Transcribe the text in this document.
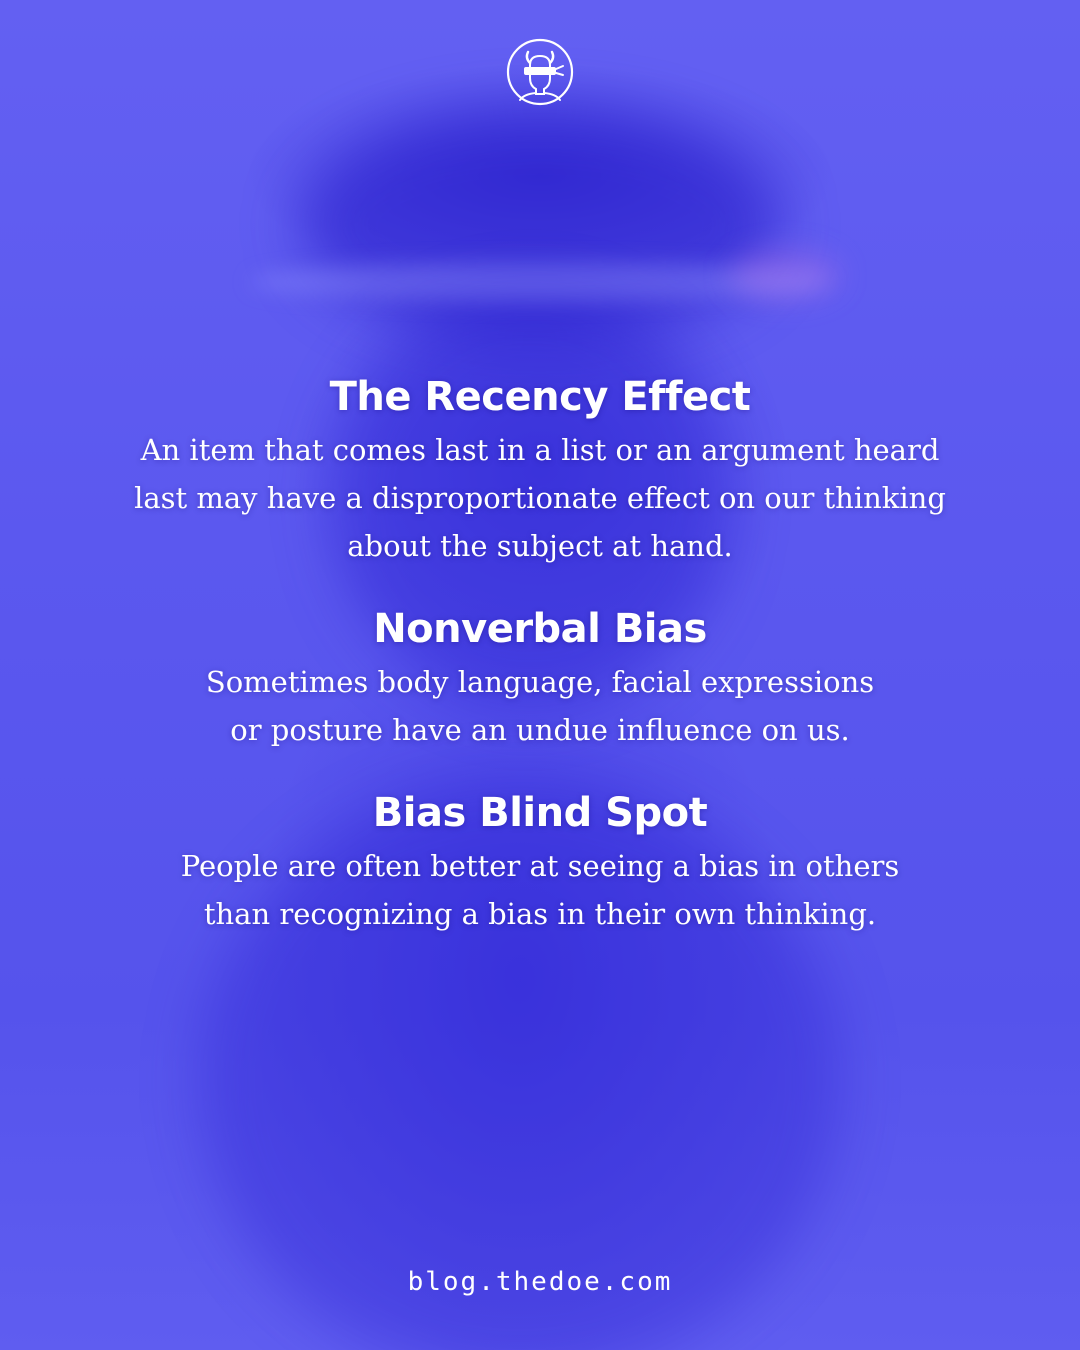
The Recency Effect

An item that comes last in a list or an argument heard
last may have a disproportionate effect on our thinking
about the subject at hand.

Nonverbal Bias

Sometimes body language, facial expressions
or posture have an undue influence on us.

Bias Blind Spot

People are often better at seeing a bias in others
than recognizing a bias in their own thinking.

blog.thedoe.com
